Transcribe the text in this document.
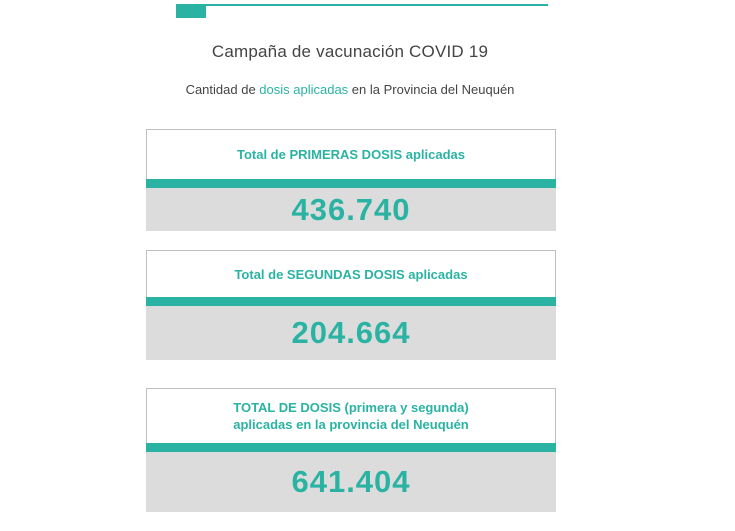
Campaña de vacunación COVID 19
Cantidad de dosis aplicadas en la Provincia del Neuquén
Total de PRIMERAS DOSIS aplicadas
436.740
Total de SEGUNDAS DOSIS aplicadas
204.664
TOTAL DE DOSIS (primera y segunda)
aplicadas en la provincia del Neuquén
641.404
